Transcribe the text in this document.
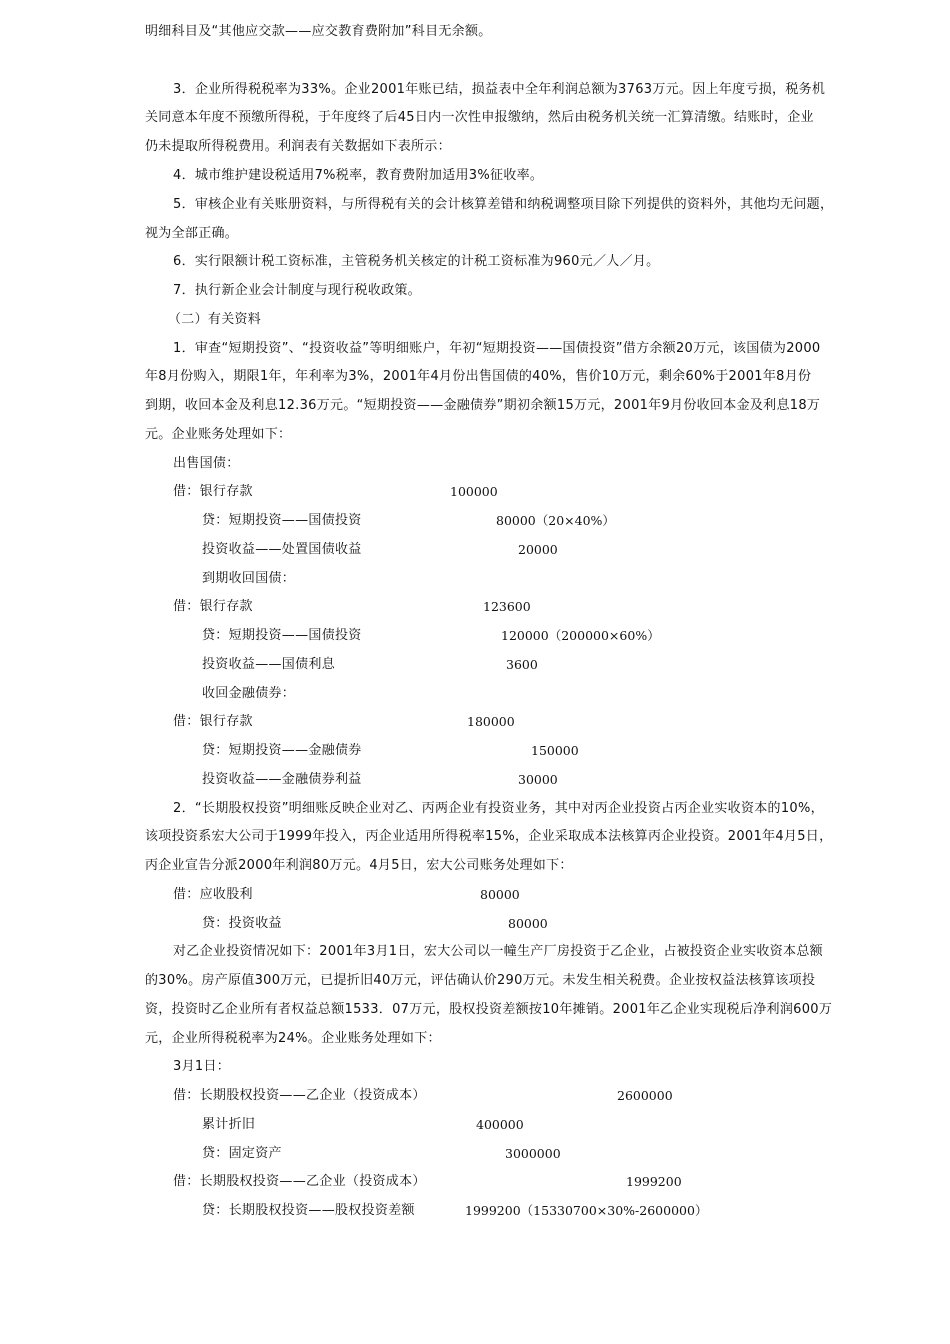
明细科目及“其他应交款——应交教育费附加”科目无余额。
3．企业所得税税率为33%。企业2001年账已结，损益表中全年利润总额为3763万元。因上年度亏损，税务机
关同意本年度不预缴所得税，于年度终了后45日内一次性申报缴纳，然后由税务机关统一汇算清缴。结账时，企业
仍未提取所得税费用。利润表有关数据如下表所示：
4．城市维护建设税适用7%税率，教育费附加适用3%征收率。
5．审核企业有关账册资料，与所得税有关的会计核算差错和纳税调整项目除下列提供的资料外，其他均无问题，
视为全部正确。
6．实行限额计税工资标准，主管税务机关核定的计税工资标准为960元／人／月。
7．执行新企业会计制度与现行税收政策。
（二）有关资料
1．审查“短期投资”、“投资收益”等明细账户，年初“短期投资——国债投资”借方余额20万元，该国债为2000
年8月份购入，期限1年，年利率为3%，2001年4月份出售国债的40%，售价10万元，剩余60%于2001年8月份
到期，收回本金及利息12.36万元。“短期投资——金融债券”期初余额15万元，2001年9月份收回本金及利息18万
元。企业账务处理如下：
出售国债：
借：银行存款
贷：短期投资——国债投资
投资收益——处置国债收益
到期收回国债：
借：银行存款
贷：短期投资——国债投资
投资收益——国债利息
收回金融债券：
借：银行存款
贷：短期投资——金融债券
投资收益——金融债券利益
2．“长期股权投资”明细账反映企业对乙、丙两企业有投资业务，其中对丙企业投资占丙企业实收资本的10%，
该项投资系宏大公司于1999年投入，丙企业适用所得税率15%，企业采取成本法核算丙企业投资。2001年4月5日，
丙企业宣告分派2000年利润80万元。4月5日，宏大公司账务处理如下：
借：应收股利
贷：投资收益
对乙企业投资情况如下：2001年3月1日，宏大公司以一幢生产厂房投资于乙企业，占被投资企业实收资本总额
的30%。房产原值300万元，已提折旧40万元，评估确认价290万元。未发生相关税费。企业按权益法核算该项投
资，投资时乙企业所有者权益总额1533．07万元，股权投资差额按10年摊销。2001年乙企业实现税后净利润600万
元，企业所得税税率为24%。企业账务处理如下：
3月1日：
借：长期股权投资——乙企业（投资成本）
累计折旧
贷：固定资产
借：长期股权投资——乙企业（投资成本）
贷：长期股权投资——股权投资差额
100000
80000（20×40%）
20000
123600
120000（200000×60%）
3600
180000
150000
30000
80000
80000
2600000
400000
3000000
1999200
1999200（15330700×30%-2600000）
